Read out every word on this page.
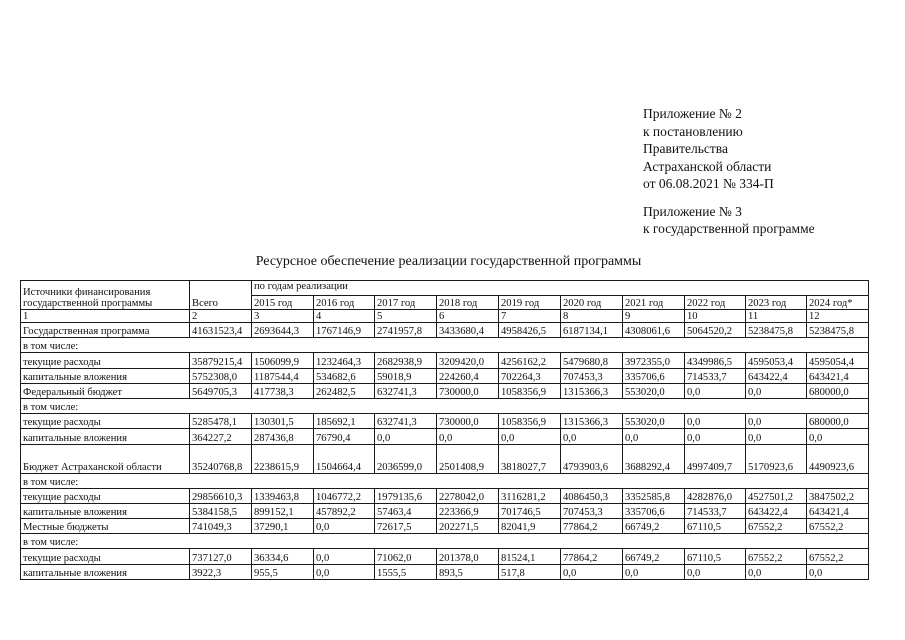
Приложение № 2
к постановлению
Правительства
Астраханской области
от 06.08.2021 № 334-П
Приложение № 3
к государственной программе
Ресурсное обеспечение реализации государственной программы
Источники финансирования государственной программы	Всего	по годам реализации									
		2015 год	2016 год	2017 год	2018 год	2019 год	2020 год	2021 год	2022 год	2023 год	2024 год*
1	2	3	4	5	6	7	8	9	10	11	12
Государственная программа	41631523,4	2693644,3	1767146,9	2741957,8	3433680,4	4958426,5	6187134,1	4308061,6	5064520,2	5238475,8	5238475,8
в том числе:											
текущие расходы	35879215,4	1506099,9	1232464,3	2682938,9	3209420,0	4256162,2	5479680,8	3972355,0	4349986,5	4595053,4	4595054,4
капитальные вложения	5752308,0	1187544,4	534682,6	59018,9	224260,4	702264,3	707453,3	335706,6	714533,7	643422,4	643421,4
Федеральный бюджет	5649705,3	417738,3	262482,5	632741,3	730000,0	1058356,9	1315366,3	553020,0	0,0	0,0	680000,0
в том числе:											
текущие расходы	5285478,1	130301,5	185692,1	632741,3	730000,0	1058356,9	1315366,3	553020,0	0,0	0,0	680000,0
капитальные вложения	364227,2	287436,8	76790,4	0,0	0,0	0,0	0,0	0,0	0,0	0,0	0,0
Бюджет Астраханской области	35240768,8	2238615,9	1504664,4	2036599,0	2501408,9	3818027,7	4793903,6	3688292,4	4997409,7	5170923,6	4490923,6
в том числе:											
текущие расходы	29856610,3	1339463,8	1046772,2	1979135,6	2278042,0	3116281,2	4086450,3	3352585,8	4282876,0	4527501,2	3847502,2
капитальные вложения	5384158,5	899152,1	457892,2	57463,4	223366,9	701746,5	707453,3	335706,6	714533,7	643422,4	643421,4
Местные бюджеты	741049,3	37290,1	0,0	72617,5	202271,5	82041,9	77864,2	66749,2	67110,5	67552,2	67552,2
в том числе:											
текущие расходы	737127,0	36334,6	0,0	71062,0	201378,0	81524,1	77864,2	66749,2	67110,5	67552,2	67552,2
капитальные вложения	3922,3	955,5	0,0	1555,5	893,5	517,8	0,0	0,0	0,0	0,0	0,0
